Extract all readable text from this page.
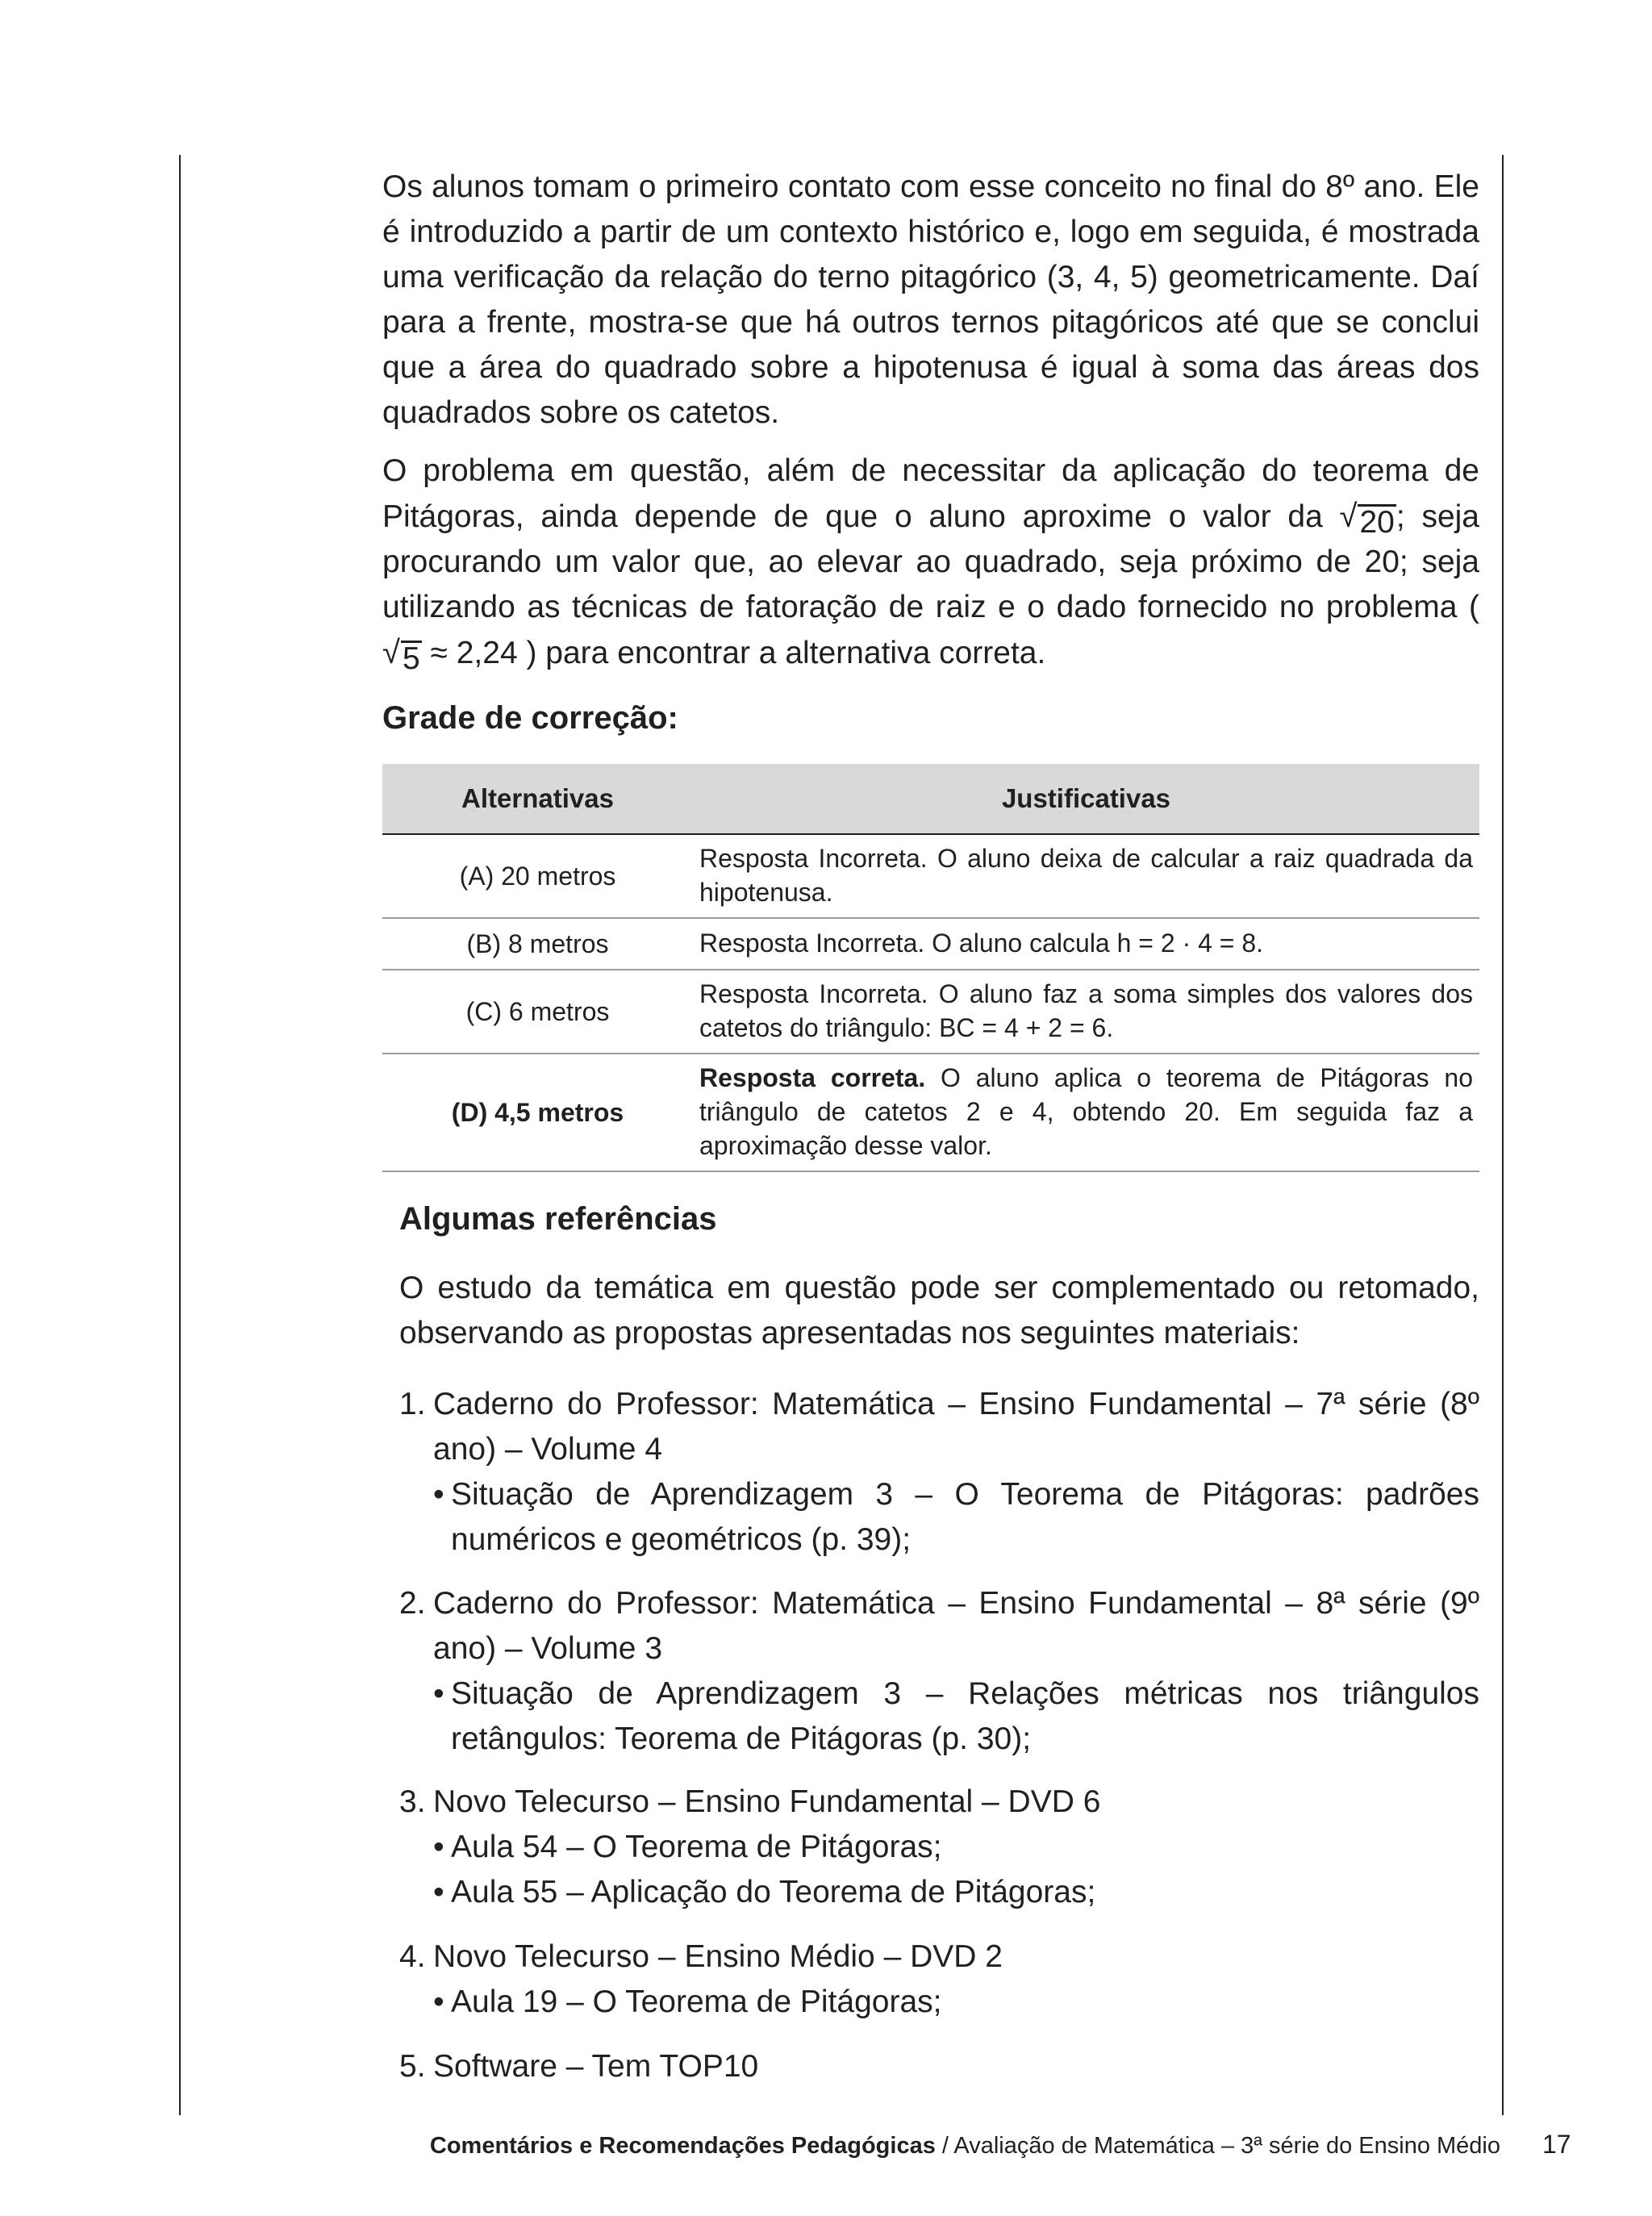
Os alunos tomam o primeiro contato com esse conceito no final do 8º ano. Ele é introduzido a partir de um contexto histórico e, logo em seguida, é mostrada uma verificação da relação do terno pitagórico (3, 4, 5) geometricamente. Daí para a frente, mostra-se que há outros ternos pitagóricos até que se conclui que a área do quadrado sobre a hipotenusa é igual à soma das áreas dos quadrados sobre os catetos.

O problema em questão, além de necessitar da aplicação do teorema de Pitágoras, ainda depende de que o aluno aproxime o valor da √ 20 ; seja procurando um valor que, ao elevar ao quadrado, seja próximo de 20; seja utilizando as técnicas de fatoração de raiz e o dado fornecido no problema (
√ 5 ≈ 2,24 ) para encontrar a alternativa correta.

Grade de correção:
Alternativas	Justificativas
(A) 20 metros	Resposta Incorreta. O aluno deixa de calcular a raiz quadrada da hipotenusa.
(B) 8 metros	Resposta Incorreta. O aluno calcula h = 2 · 4 = 8.
(C) 6 metros	Resposta Incorreta. O aluno faz a soma simples dos valores dos catetos do triângulo: BC = 4 + 2 = 6.
(D) 4,5 metros	Resposta correta. O aluno aplica o teorema de Pitágoras no triângulo de catetos 2 e 4, obtendo 20. Em seguida faz a aproximação desse valor.
Algumas referências

O estudo da temática em questão pode ser complementado ou retomado, observando as propostas apresentadas nos seguintes materiais:

1. Caderno do Professor: Matemática – Ensino Fundamental – 7ª série (8º ano) – Volume 4
• Situação de Aprendizagem 3 – O Teorema de Pitágoras: padrões numéricos e geométricos (p. 39);
2. Caderno do Professor: Matemática – Ensino Fundamental – 8ª série (9º ano) – Volume 3
• Situação de Aprendizagem 3 – Relações métricas nos triângulos retângulos: Teorema de Pitágoras (p. 30);
3. Novo Telecurso – Ensino Fundamental – DVD 6
• Aula 54 – O Teorema de Pitágoras;
• Aula 55 – Aplicação do Teorema de Pitágoras;
4. Novo Telecurso – Ensino Médio – DVD 2
• Aula 19 – O Teorema de Pitágoras;
5. Software – Tem TOP10
Comentários e Recomendações Pedagógicas / Avaliação de Matemática – 3ª série do Ensino Médio 17
